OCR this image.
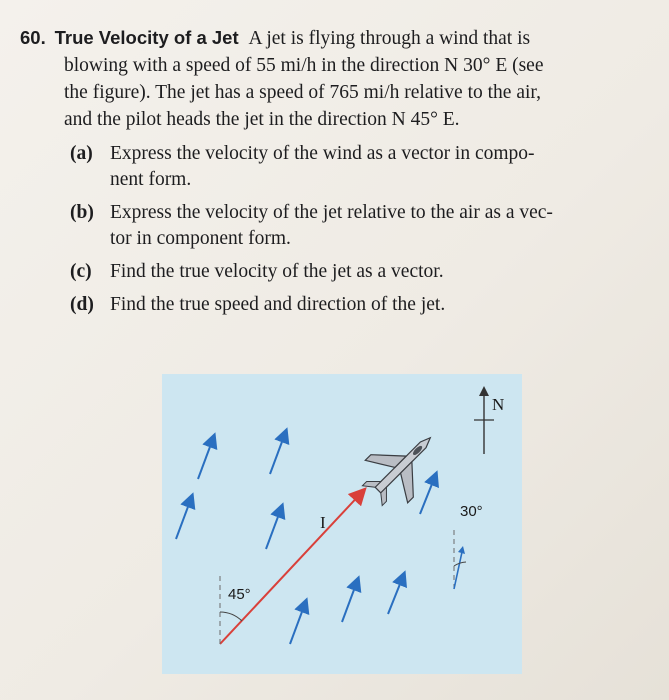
60. True Velocity of a Jet A jet is flying through a wind that is
blowing with a speed of 55 mi/h in the direction N 30° E (see
the figure). The jet has a speed of 765 mi/h relative to the air,
and the pilot heads the jet in the direction N 45° E.
(a) Express the velocity of the wind as a vector in compo-
nent form.
(b) Express the velocity of the jet relative to the air as a vec-
tor in component form.
(c) Find the true velocity of the jet as a vector.
(d) Find the true speed and direction of the jet.
45°
I
N
30°
